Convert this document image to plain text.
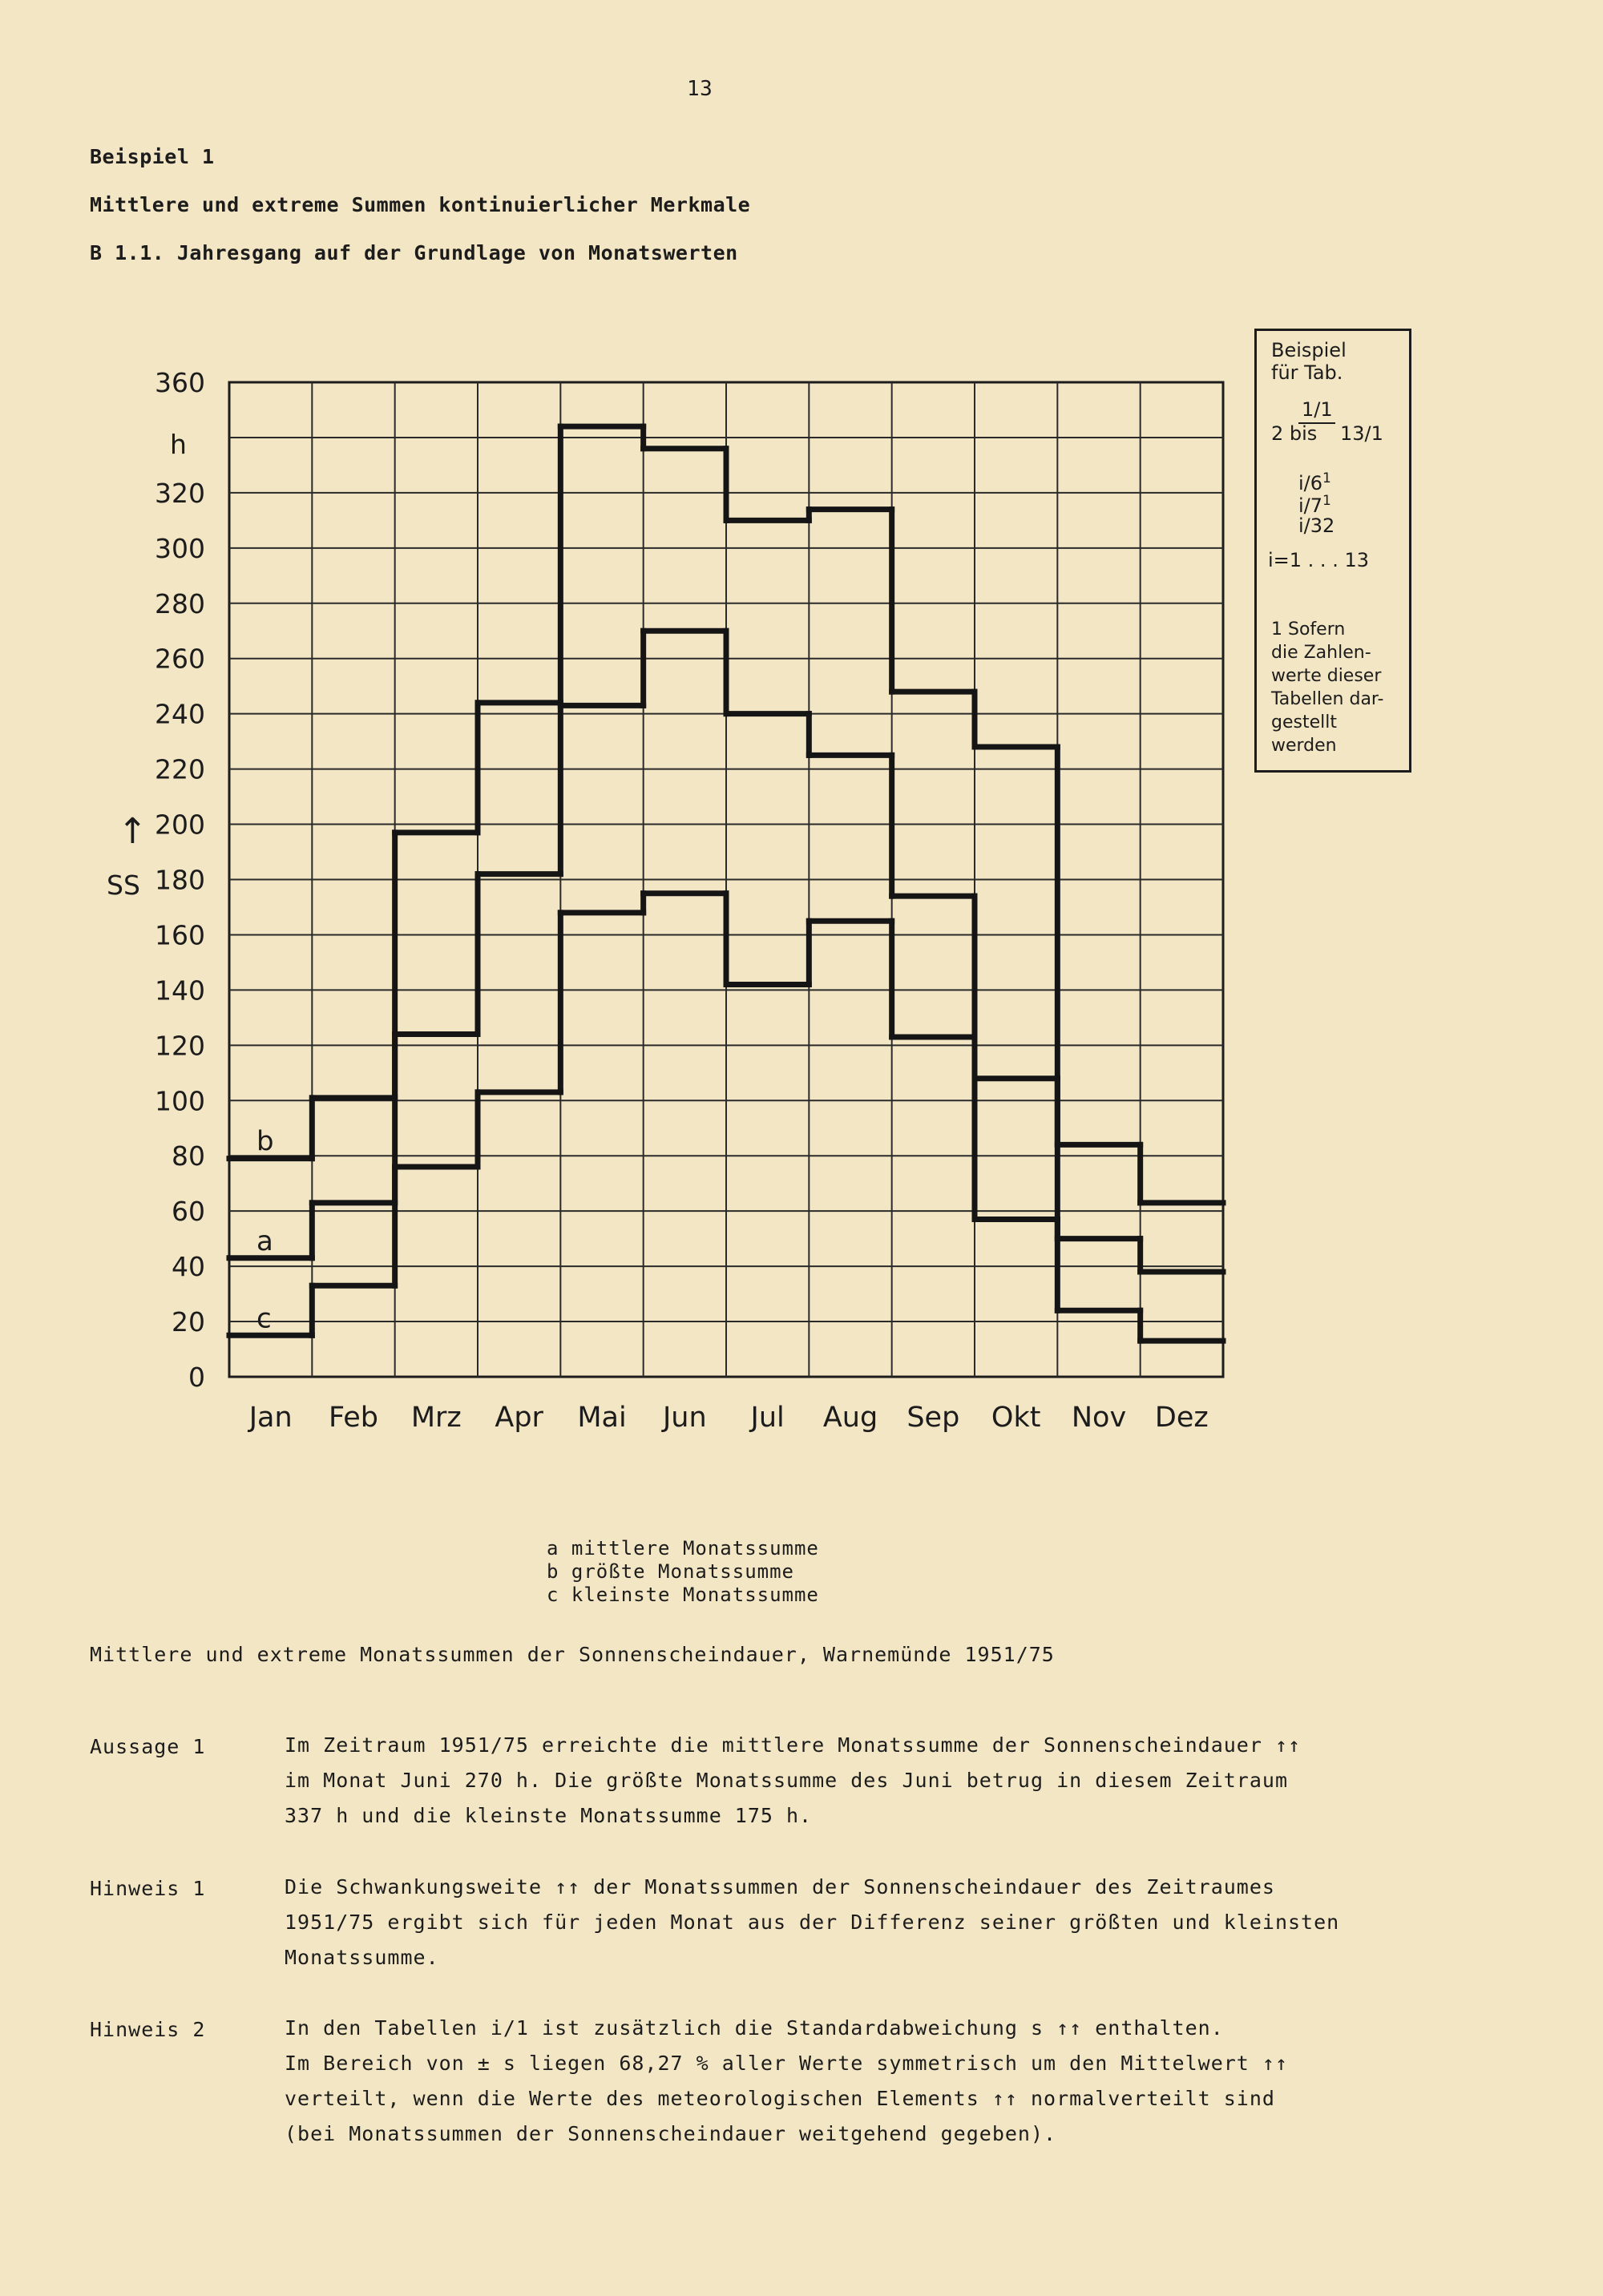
13
Beispiel 1
Mittlere und extreme Summen kontinuierlicher Merkmale
B 1.1. Jahresgang auf der Grundlage von Monatswerten
0
20
40
60
80
100
120
140
160
180
200
220
240
260
280
300
320
360
Jan Feb Mrz Apr Mai Jun Jul Aug Sep Okt Nov Dez
b
a
c
h
↑
SS
Beispiel
für Tab.
1/1
2 bis 13/1
$i/6^1$
$i/7^1$
i/32
i=1 . . . 13
1 Sofern
die Zahlen-
werte dieser
Tabellen dar-
gestellt
werden
a mittlere Monatssumme
b größte Monatssumme
c kleinste Monatssumme
Mittlere und extreme Monatssummen der Sonnenscheindauer, Warnemünde 1951/75
Aussage 1	Im Zeitraum 1951/75 erreichte die mittlere Monatssumme der Sonnenscheindauer ↑↑
im Monat Juni 270 h. Die größte Monatssumme des Juni betrug in diesem Zeitraum
337 h und die kleinste Monatssumme 175 h.
Hinweis 1	Die Schwankungsweite ↑↑ der Monatssummen der Sonnenscheindauer des Zeitraumes
1951/75 ergibt sich für jeden Monat aus der Differenz seiner größten und kleinsten
Monatssumme.
Hinweis 2	In den Tabellen i/1 ist zusätzlich die Standardabweichung s ↑↑ enthalten.
Im Bereich von ± s liegen 68,27 % aller Werte symmetrisch um den Mittelwert ↑↑
verteilt, wenn die Werte des meteorologischen Elements ↑↑ normalverteilt sind
(bei Monatssummen der Sonnenscheindauer weitgehend gegeben).
